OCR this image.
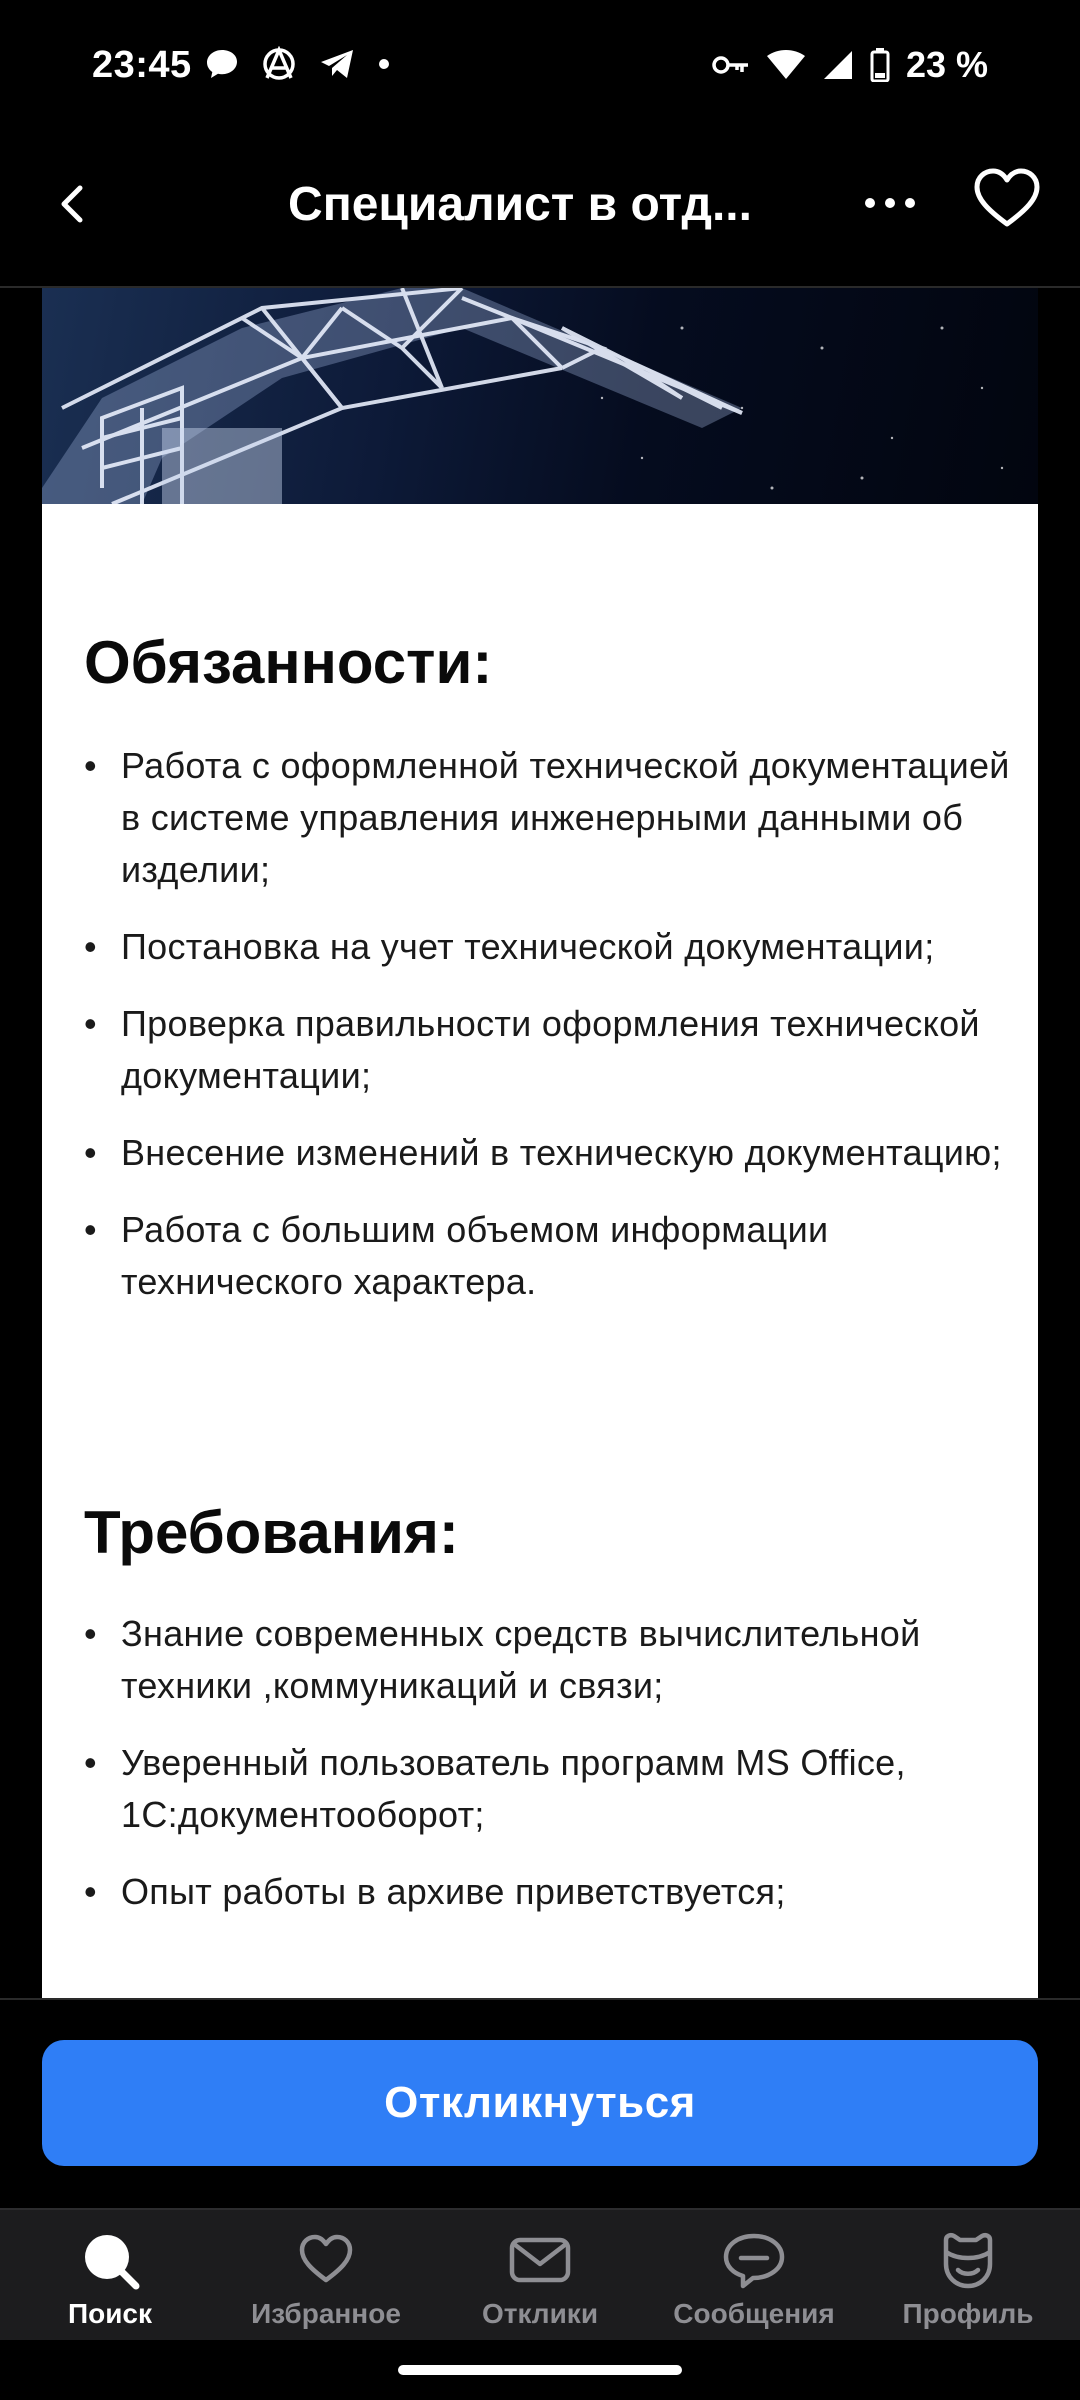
23:45	23 %
Специалист в отд...
Обязанности:
• Работа с оформленной технической документацией в системе управления инженерными данными об изделии;
• Постановка на учет технической документации;
• Проверка правильности оформления технической документации;
• Внесение изменений в техническую документацию;
• Работа с большим объемом информации технического характера.
Требования:
• Знание современных средств вычислительной техники ,коммуникаций и связи;
• Уверенный пользователь программ MS Office, 1С:документооборот;
• Опыт работы в архиве приветствуется;
Откликнуться
Поиск	Избранное	Отклики	Сообщения	Профиль
